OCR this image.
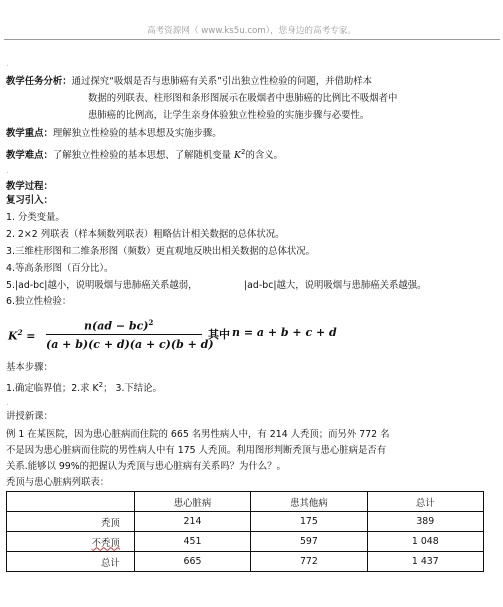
高考资源网（ www.ks5u.com），您身边的高考专家。
.
教学任务分析：通过探究“吸烟是否与患肺癌有关系”引出独立性检验的问题，并借助样本
数据的列联表、柱形图和条形图展示在吸烟者中患肺癌的比例比不吸烟者中
患肺癌的比例高，让学生亲身体验独立性检验的实施步骤与必要性。
教学重点：理解独立性检验的基本思想及实施步骤。
教学难点：了解独立性检验的基本思想、了解随机变量 $K^2$的含义。
.
教学过程：
复习引入：
1. 分类变量。
2. 2×2 列联表（样本频数列联表）粗略估计相关数据的总体状况。
3.三维柱形图和二维条形图（频数）更直观地反映出相关数据的总体状况。
4.等高条形图（百分比）。
5.|ad-bc|越小，说明吸烟与患肺癌关系越弱，	|ad-bc|越大，说明吸烟与患肺癌关系越强。
6.独立性检验：
$K^2$ =
n(ad − bc)$^2$
(a + b)(c + d)(a + c)(b + d)
其中 n = a + b + c + d
基本步骤：
1.确定临界值；2.求 $K^2$； 3.下结论。
.
讲授新课：
例 1 在某医院，因为患心脏病而住院的 665 名男性病人中，有 214 人秃顶；而另外 772 名
不是因为患心脏病而住院的男性病人中有 175 人秃顶。利用图形判断秃顶与患心脏病是否有
关系.能够以 99%的把握认为秃顶与患心脏病有关系吗？为什么？。
秃顶与患心脏病列联表：
	患心脏病	患其他病	总计
秃顶	214	175	389
不秃顶	451	597	1 048
总计	665	772	1 437
